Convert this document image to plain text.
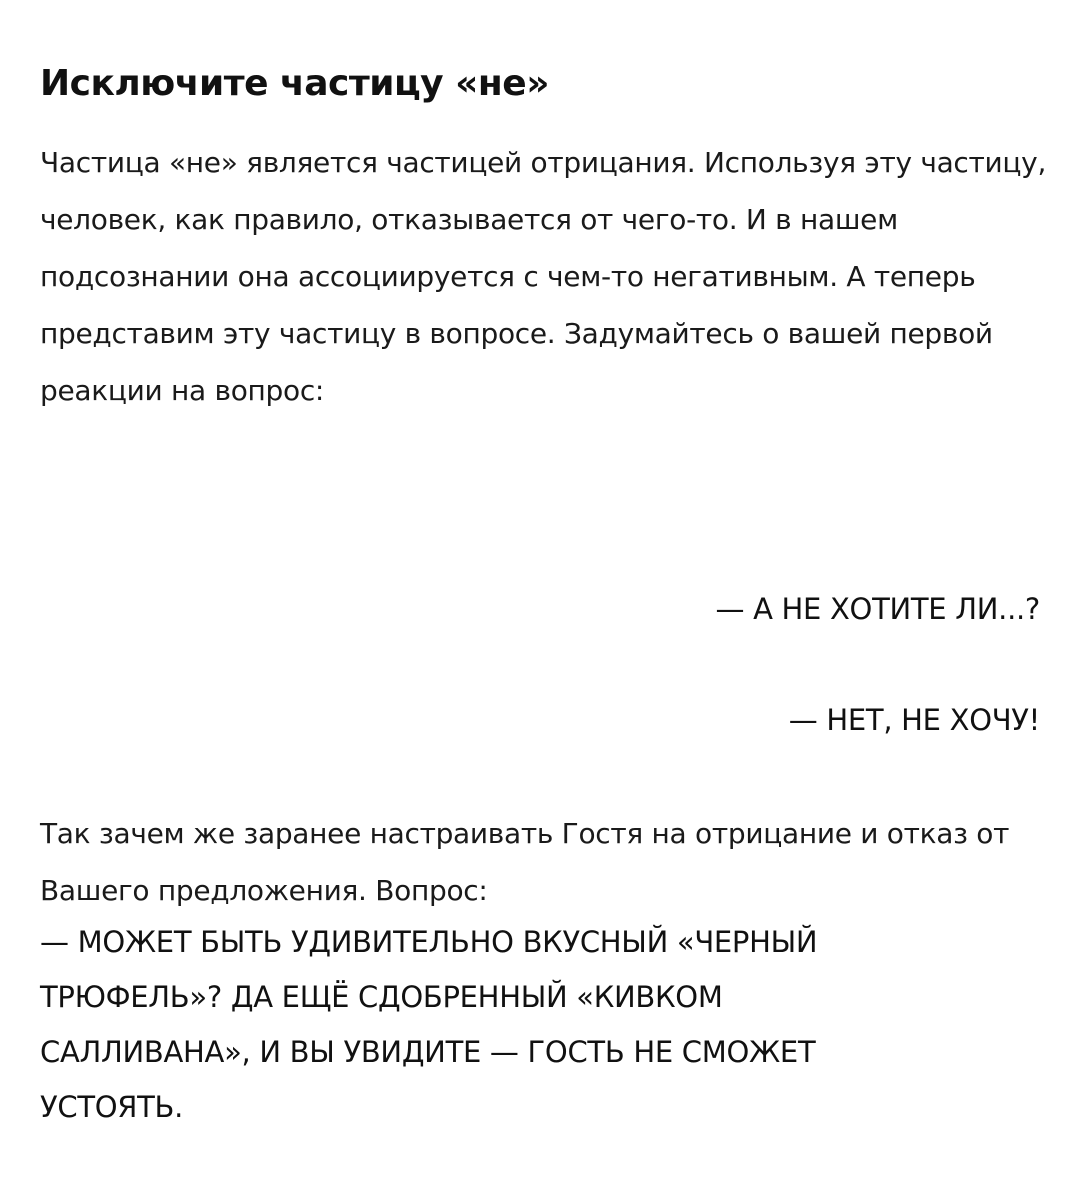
Исключите частицу «не»

Частица «не» является частицей отрицания. Используя эту частицу, человек, как правило, отказывается от чего-то. И в нашем подсознании она ассоциируется с чем-то негативным. А теперь представим эту частицу в вопросе. Задумайтесь о вашей первой реакции на вопрос:

— А НЕ ХОТИТЕ ЛИ...?

— НЕТ, НЕ ХОЧУ!

Так зачем же заранее настраивать Гостя на отрицание и отказ от Вашего предложения. Вопрос:

— МОЖЕТ БЫТЬ УДИВИТЕЛЬНО ВКУСНЫЙ «ЧЕРНЫЙ ТРЮФЕЛЬ»? ДА ЕЩЁ СДОБРЕННЫЙ «КИВКОМ САЛЛИВАНА», И ВЫ УВИДИТЕ — ГОСТЬ НЕ СМОЖЕТ УСТОЯТЬ.
